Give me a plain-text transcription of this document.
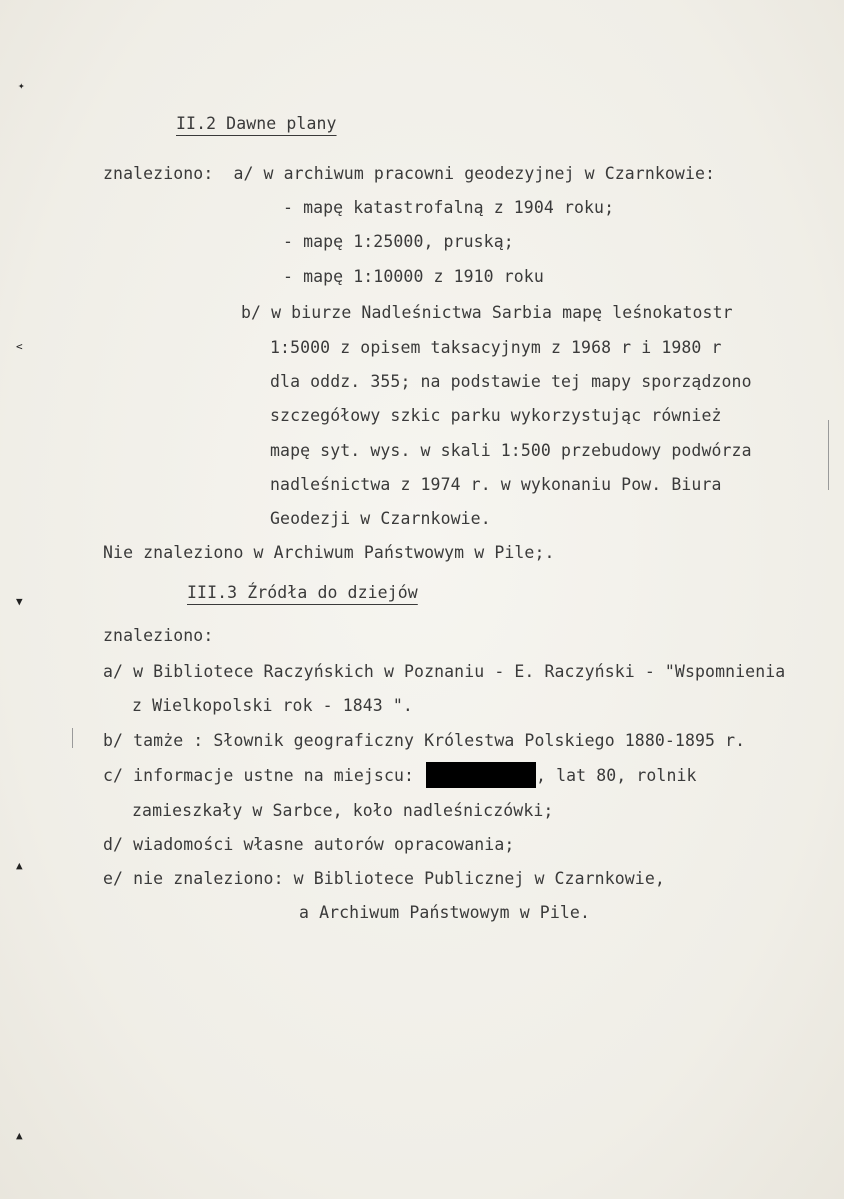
✦
<
▼
▲
▲
II.2 Dawne plany
znaleziono:  a/ w archiwum pracowni geodezyjnej w Czarnkowie:
- mapę katastrofalną z 1904 roku;
- mapę 1:25000, pruską;
- mapę 1:10000 z 1910 roku
b/ w biurze Nadleśnictwa Sarbia mapę leśnokatostr
1:5000 z opisem taksacyjnym z 1968 r i 1980 r
dla oddz. 355; na podstawie tej mapy sporządzono
szczegółowy szkic parku wykorzystując również
mapę syt. wys. w skali 1:500 przebudowy podwórza
nadleśnictwa z 1974 r. w wykonaniu Pow. Biura
Geodezji w Czarnkowie.
Nie znaleziono w Archiwum Państwowym w Pile;.
III.3 Źródła do dziejów
znaleziono:
a/ w Bibliotece Raczyńskich w Poznaniu - E. Raczyński - "Wspomnienia
z Wielkopolski rok - 1843 ".
b/ tamże : Słownik geograficzny Królestwa Polskiego 1880-1895 r.
c/ informacje ustne na miejscu:	, lat 80, rolnik
zamieszkały w Sarbce, koło nadleśniczówki;
d/ wiadomości własne autorów opracowania;
e/ nie znaleziono: w Bibliotece Publicznej w Czarnkowie,
a Archiwum Państwowym w Pile.
